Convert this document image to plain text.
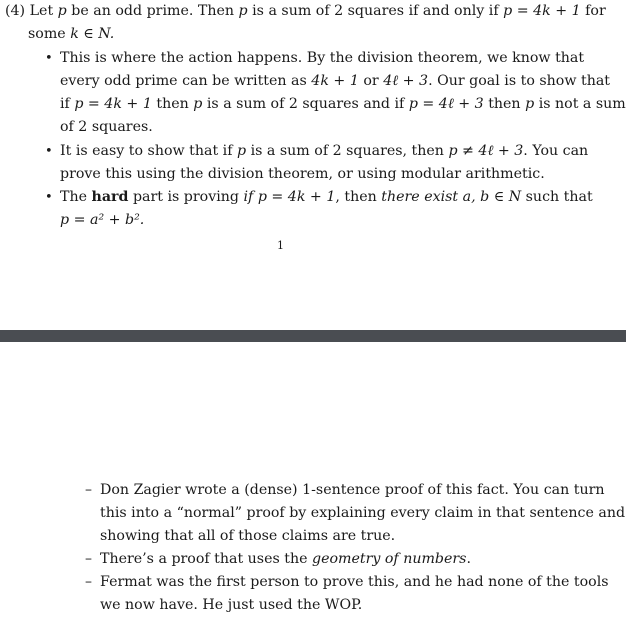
(4) Let p be an odd prime. Then p is a sum of 2 squares if and only if p = 4k + 1 for
some k ∈ N.
• This is where the action happens. By the division theorem, we know that
every odd prime can be written as 4k + 1 or 4ℓ + 3. Our goal is to show that
if p = 4k + 1 then p is a sum of 2 squares and if p = 4ℓ + 3 then p is not a sum
of 2 squares.
• It is easy to show that if p is a sum of 2 squares, then p ≠ 4ℓ + 3. You can
prove this using the division theorem, or using modular arithmetic.
• The hard part is proving if p = 4k + 1, then there exist a, b ∈ N such that
p = a² + b².
1
– Don Zagier wrote a (dense) 1-sentence proof of this fact. You can turn
this into a “normal” proof by explaining every claim in that sentence and
showing that all of those claims are true.
– There’s a proof that uses the geometry of numbers.
– Fermat was the first person to prove this, and he had none of the tools
we now have. He just used the WOP.
